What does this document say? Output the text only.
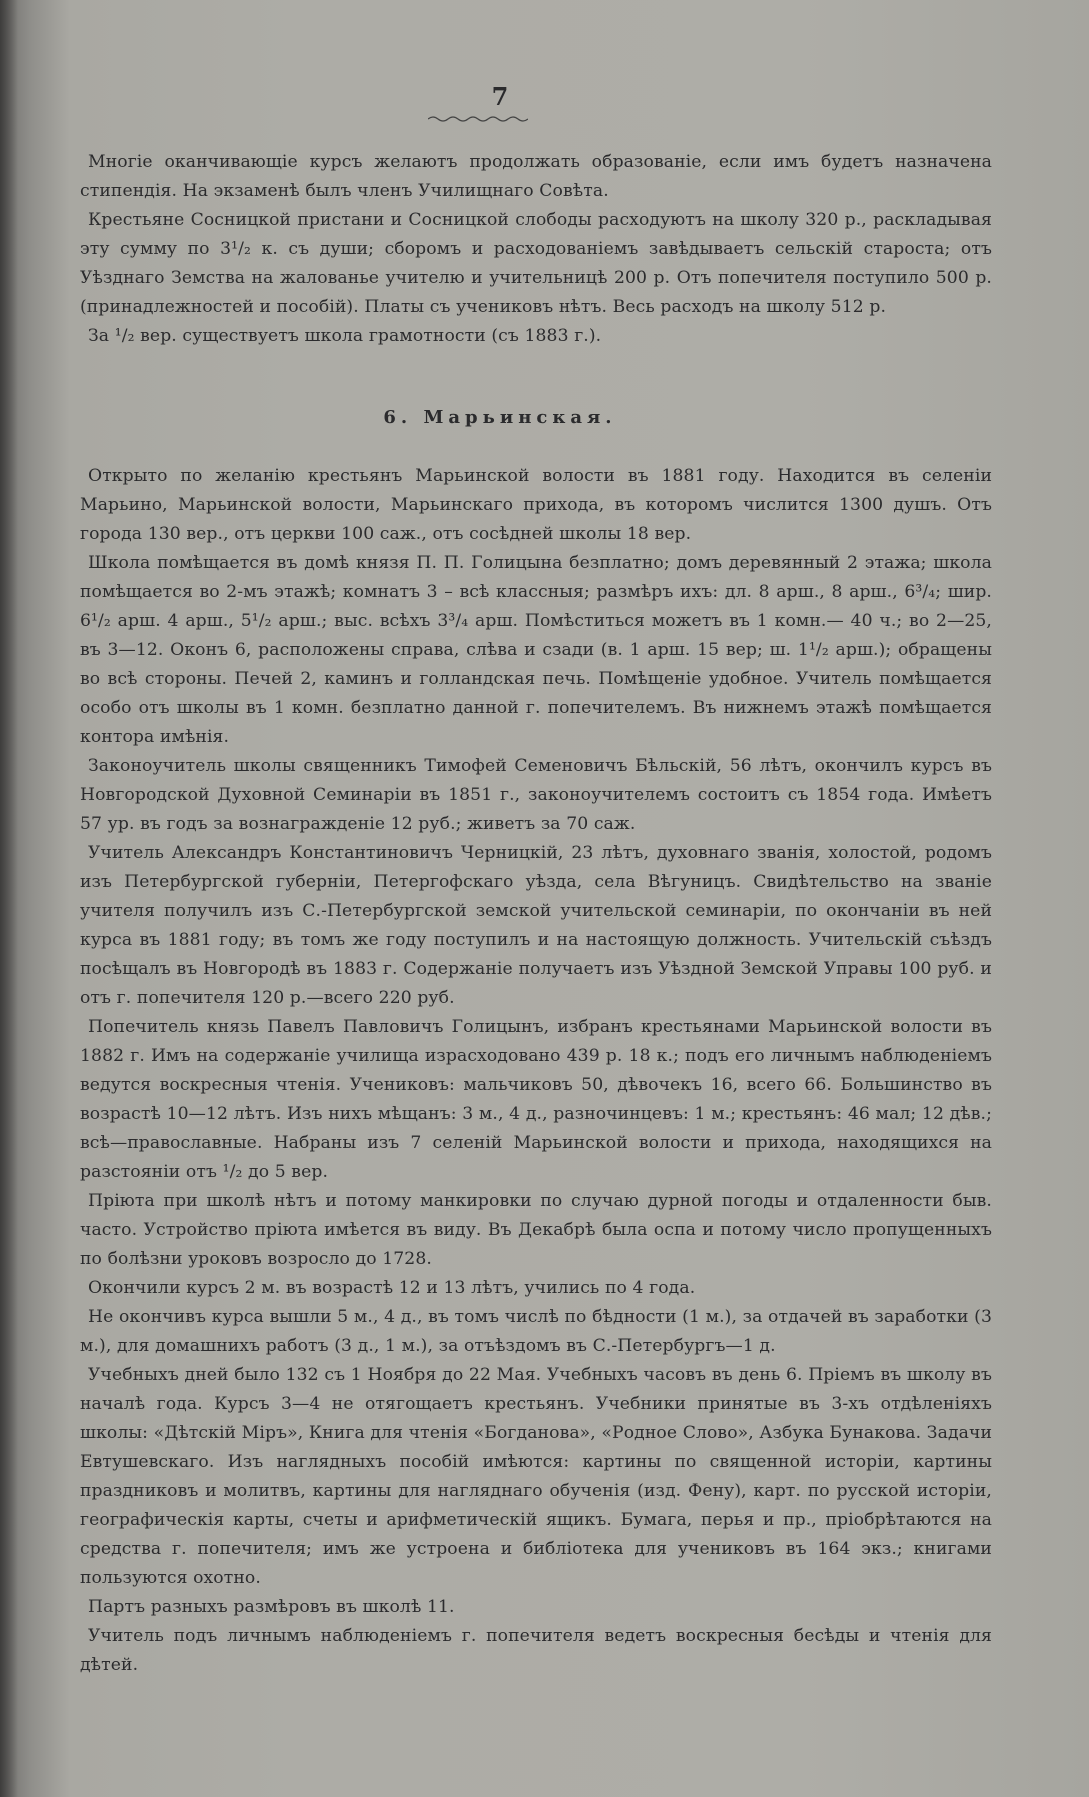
7

Многіе оканчивающіе курсъ желаютъ продолжать образованіе, если имъ будетъ назначена стипендія. На экзаменѣ былъ членъ Училищнаго Совѣта.

Крестьяне Сосницкой пристани и Сосницкой слободы расходуютъ на школу 320 р., раскладывая эту сумму по 3¹/₂ к. съ души; сборомъ и расходованіемъ завѣдываетъ сельскій староста; отъ Уѣзднаго Земства на жалованье учителю и учительницѣ 200 р. Отъ попечителя поступило 500 р. (принадлежностей и пособій). Платы съ учениковъ нѣтъ. Весь расходъ на школу 512 р.

За ¹/₂ вер. существуетъ школа грамотности (съ 1883 г.).

6. Марьинская.

Открыто по желанію крестьянъ Марьинской волости въ 1881 году. Находится въ селеніи Марьино, Марьинской волости, Марьинскаго прихода, въ которомъ числится 1300 душъ. Отъ города 130 вер., отъ церкви 100 саж., отъ сосѣдней школы 18 вер.

Школа помѣщается въ домѣ князя П. П. Голицына безплатно; домъ деревянный 2 этажа; школа помѣщается во 2-мъ этажѣ; комнатъ 3 – всѣ классныя; размѣръ ихъ: дл. 8 арш., 8 арш., 6³/₄; шир. 6¹/₂ арш. 4 арш., 5¹/₂ арш.; выс. всѣхъ 3³/₄ арш. Помѣститься можетъ въ 1 комн.— 40 ч.; во 2—25, въ 3—12. Оконъ 6, расположены справа, слѣва и сзади (в. 1 арш. 15 вер; ш. 1¹/₂ арш.); обращены во всѣ стороны. Печей 2, каминъ и голландская печь. Помѣщеніе удобное. Учитель помѣщается особо отъ школы въ 1 комн. безплатно данной г. попечителемъ. Въ нижнемъ этажѣ помѣщается контора имѣнія.

Законоучитель школы священникъ Тимофей Семеновичъ Бѣльскій, 56 лѣтъ, окончилъ курсъ въ Новгородской Духовной Семинаріи въ 1851 г., законоучителемъ состоитъ съ 1854 года. Имѣетъ 57 ур. въ годъ за вознагражденіе 12 руб.; живетъ за 70 саж.

Учитель Александръ Константиновичъ Черницкій, 23 лѣтъ, духовнаго званія, холостой, родомъ изъ Петербургской губерніи, Петергофскаго уѣзда, села Вѣгуницъ. Свидѣтельство на званіе учителя получилъ изъ С.-Петербургской земской учительской семинаріи, по окончаніи въ ней курса въ 1881 году; въ томъ же году поступилъ и на настоящую должность. Учительскій съѣздъ посѣщалъ въ Новгородѣ въ 1883 г. Содержаніе получаетъ изъ Уѣздной Земской Управы 100 руб. и отъ г. попечителя 120 р.—всего 220 руб.

Попечитель князь Павелъ Павловичъ Голицынъ, избранъ крестьянами Марьинской волости въ 1882 г. Имъ на содержаніе училища израсходовано 439 р. 18 к.; подъ его личнымъ наблюденіемъ ведутся воскресныя чтенія. Учениковъ: мальчиковъ 50, дѣвочекъ 16, всего 66. Большинство въ возрастѣ 10—12 лѣтъ. Изъ нихъ мѣщанъ: 3 м., 4 д., разночинцевъ: 1 м.; крестьянъ: 46 мал; 12 дѣв.; всѣ—православные. Набраны изъ 7 селеній Марьинской волости и прихода, находящихся на разстояніи отъ ¹/₂ до 5 вер.

Пріюта при школѣ нѣтъ и потому манкировки по случаю дурной погоды и отдаленности быв. часто. Устройство пріюта имѣется въ виду. Въ Декабрѣ была оспа и потому число пропущенныхъ по болѣзни уроковъ возросло до 1728.

Окончили курсъ 2 м. въ возрастѣ 12 и 13 лѣтъ, учились по 4 года.

Не окончивъ курса вышли 5 м., 4 д., въ томъ числѣ по бѣдности (1 м.), за отдачей въ заработки (3 м.), для домашнихъ работъ (3 д., 1 м.), за отъѣздомъ въ С.-Петербургъ—1 д.

Учебныхъ дней было 132 съ 1 Ноября до 22 Мая. Учебныхъ часовъ въ день 6. Пріемъ въ школу въ началѣ года. Курсъ 3—4 не отягощаетъ крестьянъ. Учебники принятые въ 3-хъ отдѣленіяхъ школы: «Дѣтскій Міръ», Книга для чтенія «Богданова», «Родное Слово», Азбука Бунакова. Задачи Евтушевскаго. Изъ наглядныхъ пособій имѣются: картины по священной исторіи, картины праздниковъ и молитвъ, картины для нагляднаго обученія (изд. Фену), карт. по русской исторіи, географическія карты, счеты и арифметическій ящикъ. Бумага, перья и пр., пріобрѣтаются на средства г. попечителя; имъ же устроена и библіотека для учениковъ въ 164 экз.; книгами пользуются охотно.

Партъ разныхъ размѣровъ въ школѣ 11.

Учитель подъ личнымъ наблюденіемъ г. попечителя ведетъ воскресныя бесѣды и чтенія для дѣтей.
